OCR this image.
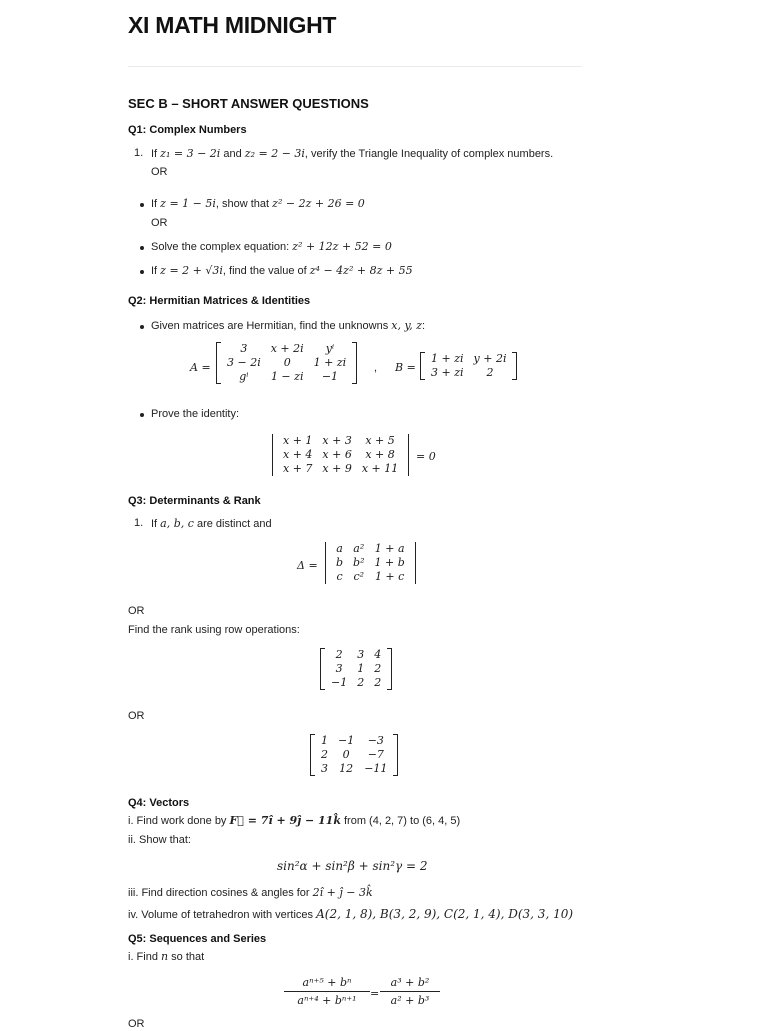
XI MATH MIDNIGHT
SEC B – SHORT ANSWER QUESTIONS
Q1: Complex Numbers
1. If z₁ = 3 − 2i and z₂ = 2 − 3i, verify the Triangle Inequality of complex numbers.
OR
If z = 1 − 5i, show that z² − 2z + 26 = 0
OR
Solve the complex equation: z² + 12z + 52 = 0
If z = 2 + √3i, find the value of z⁴ − 4z² + 8z + 55
Q2: Hermitian Matrices & Identities
Given matrices are Hermitian, find the unknowns x, y, z:
A =
3	x + 2i	yⁱ
3 − 2i	0	1 + zi
gⁱ	1 − zi	−1
, B =
1 + zi	y + 2i
3 + zi	2
Prove the identity:
x + 1	x + 3	x + 5
x + 4	x + 6	x + 8
x + 7	x + 9	x + 11
= 0
Q3: Determinants & Rank
1. If a, b, c are distinct and
Δ =
a	a²	1 + a
b	b²	1 + b
c	c²	1 + c
OR
Find the rank using row operations:
2	3	4
3	1	2
−1	2	2
OR
1	−1	−3
2	0	−7
3	12	−11
Q4: Vectors
i. Find work done by F⃗ = 7î + 9ĵ − 11k̂ from (4, 2, 7) to (6, 4, 5)
ii. Show that:
sin²α + sin²β + sin²γ = 2
iii. Find direction cosines & angles for 2î + ĵ − 3k̂
iv. Volume of tetrahedron with vertices A(2, 1, 8), B(3, 2, 9), C(2, 1, 4), D(3, 3, 10)
Q5: Sequences and Series
i. Find n so that
$\frac{\text{aⁿ⁺⁵ + bⁿ}}{\text{aⁿ⁺⁴ + bⁿ⁺¹}} = \frac{\text{a³ + b²}}{\text{a² + b³}}$
OR
